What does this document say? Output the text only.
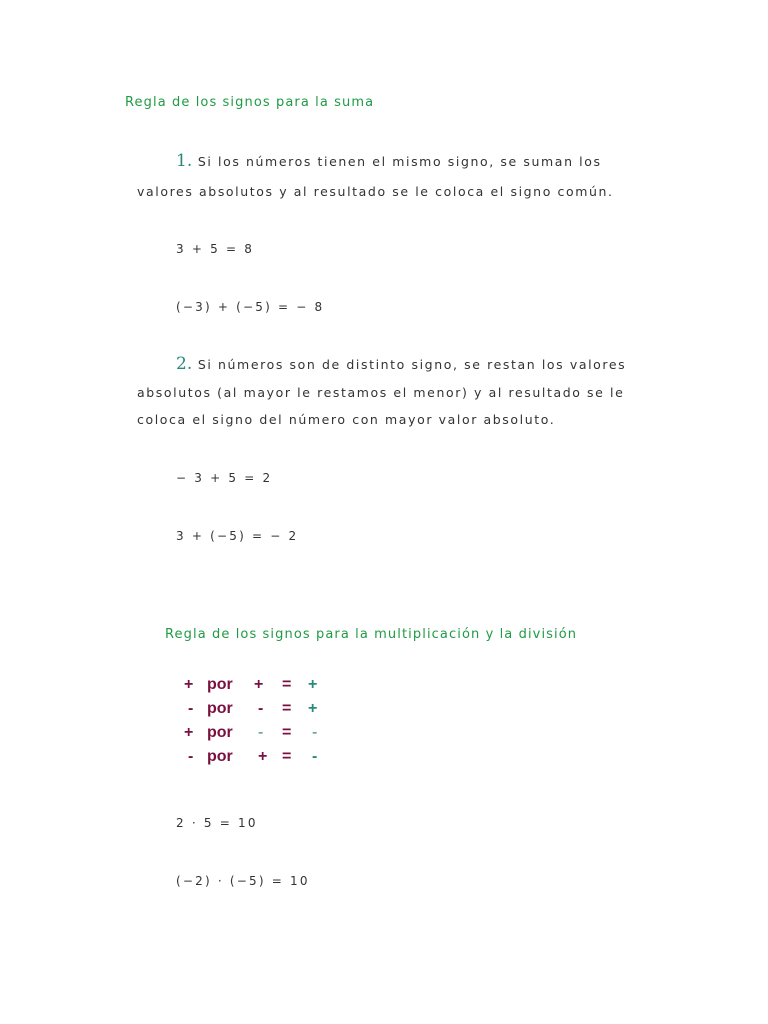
Regla de los signos para la suma
1. Si los números tienen el mismo signo, se suman los
valores absolutos y al resultado se le coloca el signo común.
3 + 5 = 8
(−3) + (−5) = − 8
2. Si números son de distinto signo, se restan los valores
absolutos (al mayor le restamos el menor) y al resultado se le
coloca el signo del número con mayor valor absoluto.
− 3 + 5 = 2
3 + (−5) = − 2
Regla de los signos para la multiplicación y la división
+ por + = +
- por - = +
+ por - = -
- por + = -
2 · 5 = 10
(−2) · (−5) = 10
